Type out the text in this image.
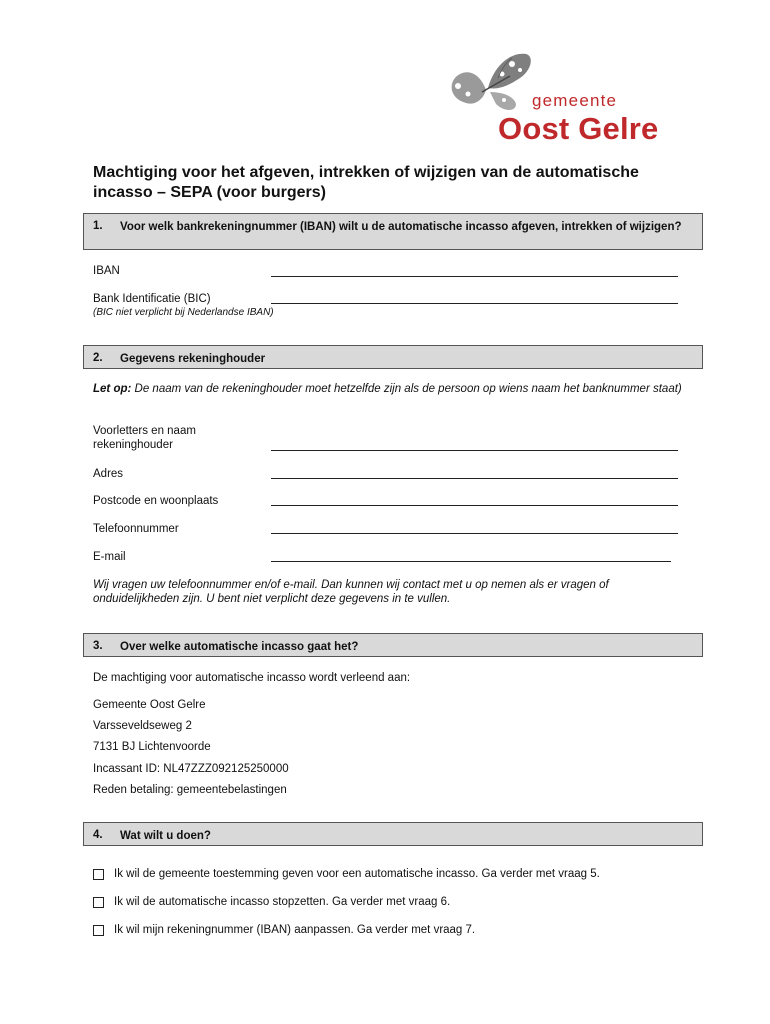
gemeente
Oost Gelre
Machtiging voor het afgeven, intrekken of wijzigen van de automatische incasso – SEPA (voor burgers)
1. Voor welk bankrekeningnummer (IBAN) wilt u de automatische incasso afgeven, intrekken of wijzigen?
IBAN
Bank Identificatie (BIC)
(BIC niet verplicht bij Nederlandse IBAN)
2. Gegevens rekeninghouder
Let op: De naam van de rekeninghouder moet hetzelfde zijn als de persoon op wiens naam het banknummer staat)
Voorletters en naam
rekeninghouder
Adres
Postcode en woonplaats
Telefoonnummer
E-mail
Wij vragen uw telefoonnummer en/of e-mail. Dan kunnen wij contact met u op nemen als er vragen of onduidelijkheden zijn. U bent niet verplicht deze gegevens in te vullen.
3. Over welke automatische incasso gaat het?
De machtiging voor automatische incasso wordt verleend aan:
Gemeente Oost Gelre
Varsseveldseweg 2
7131 BJ Lichtenvoorde
Incassant ID: NL47ZZZ092125250000
Reden betaling: gemeentebelastingen
4. Wat wilt u doen?
Ik wil de gemeente toestemming geven voor een automatische incasso. Ga verder met vraag 5.
Ik wil de automatische incasso stopzetten. Ga verder met vraag 6.
Ik wil mijn rekeningnummer (IBAN) aanpassen. Ga verder met vraag 7.
